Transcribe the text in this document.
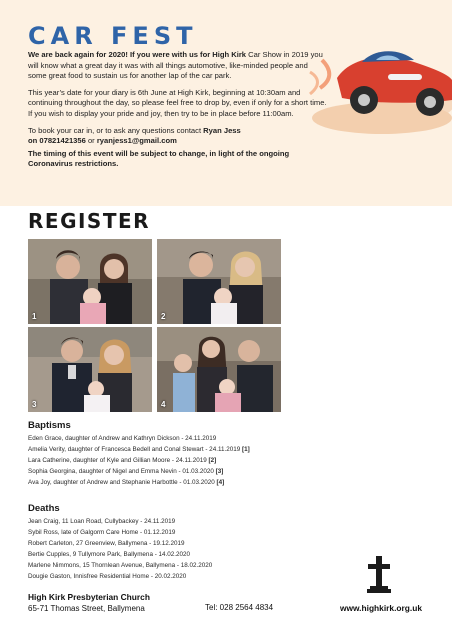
CAR FEST

We are back again for 2020! If you were with us for High Kirk Car Show in 2019 you will know what a great day it was with all things automotive, like-minded people and some great food to sustain us for another lap of the car park.

This year’s date for your diary is 6th June at High Kirk, beginning at 10:30am and continuing throughout the day, so please feel free to drop by, even if only for a short time. If you wish to display your pride and joy, then try to be in place before 11:00am.

To book your car in, or to ask any questions contact Ryan Jess
on 07821421356 or ryanjess1@gmail.com

The timing of this event will be subject to change, in light of the ongoing Coronavirus restrictions.

REGISTER
1	2
3	4
Baptisms
Eden Grace, daughter of Andrew and Kathryn Dickson - 24.11.2019
Amelia Verity, daughter of Francesca Bedell and Conal Stewart - 24.11.2019 [1]
Lara Catherine, daughter of Kyle and Gillian Moore - 24.11.2019 [2]
Sophia Georgina, daughter of Nigel and Emma Nevin - 01.03.2020 [3]
Ava Joy, daughter of Andrew and Stephanie Harbottle - 01.03.2020 [4]
Deaths
Jean Craig, 11 Loan Road, Cullybackey - 24.11.2019
Sybil Ross, late of Galgorm Care Home - 01.12.2019
Robert Carleton, 27 Greenview, Ballymena - 19.12.2019
Bertie Cupples, 9 Tullymore Park, Ballymena - 14.02.2020
Marlene Nimmons, 15 Thornlean Avenue, Ballymena - 18.02.2020
Dougie Gaston, Innisfree Residential Home - 20.02.2020
High Kirk Presbyterian Church
65-71 Thomas Street, Ballymena	Tel: 028 2564 4834	www.highkirk.org.uk
